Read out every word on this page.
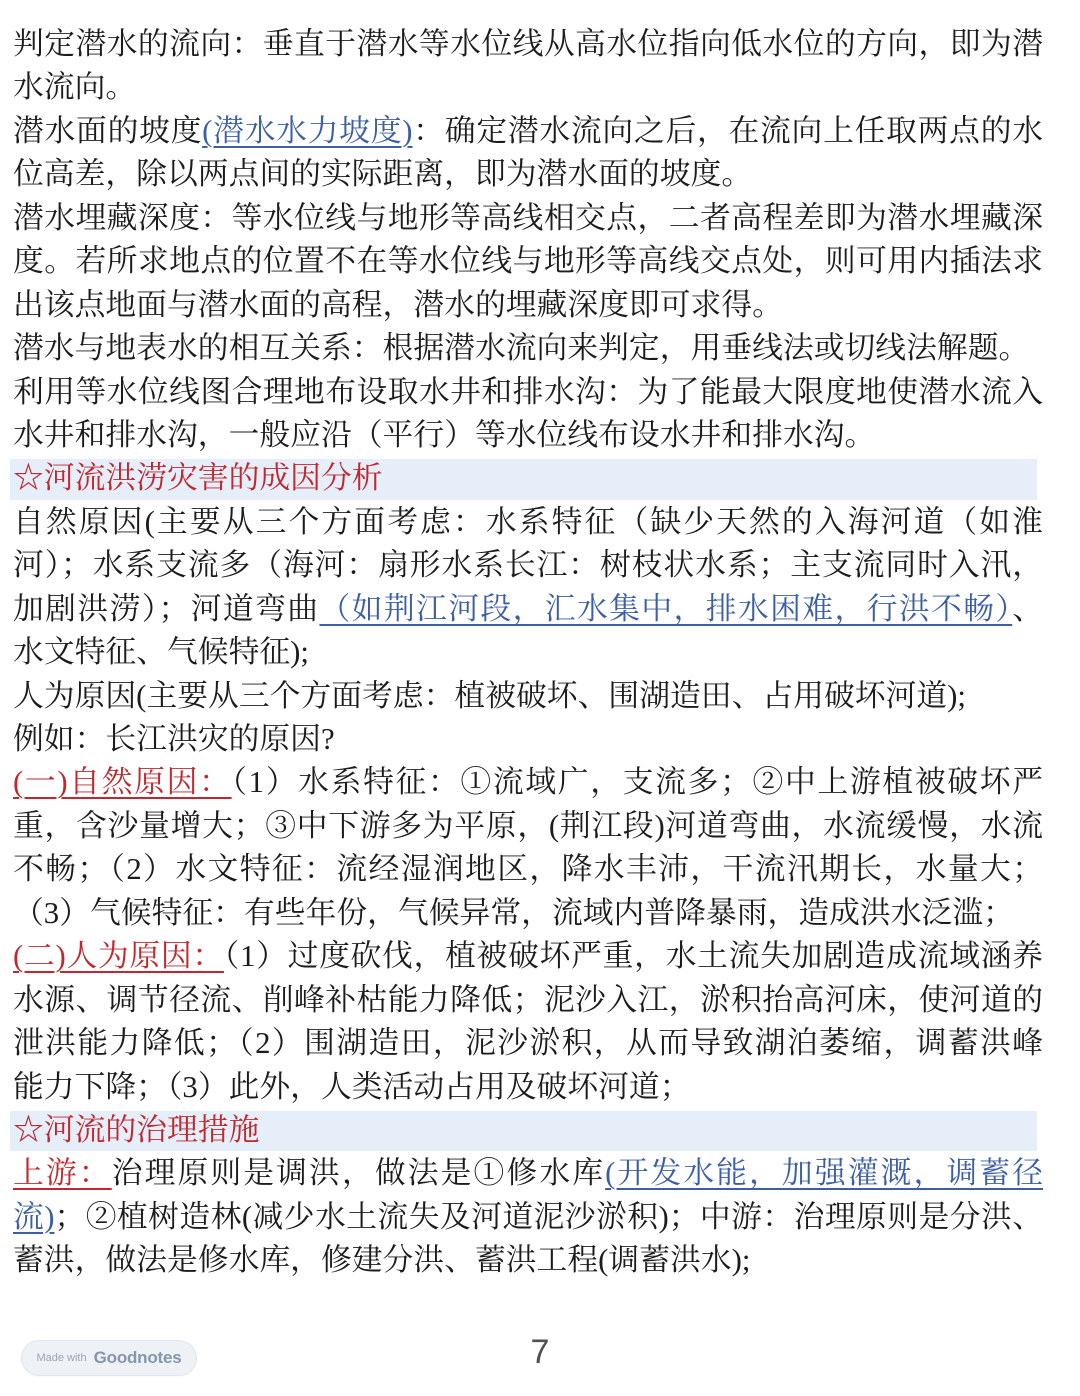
判定潜水的流向：垂直于潜水等水位线从高水位指向低水位的方向，即为潜
水流向。
潜水面的坡度(潜水水力坡度)：确定潜水流向之后，在流向上任取两点的水
位高差，除以两点间的实际距离，即为潜水面的坡度。
潜水埋藏深度：等水位线与地形等高线相交点，二者高程差即为潜水埋藏深
度。若所求地点的位置不在等水位线与地形等高线交点处，则可用内插法求
出该点地面与潜水面的高程，潜水的埋藏深度即可求得。
潜水与地表水的相互关系：根据潜水流向来判定，用垂线法或切线法解题。
利用等水位线图合理地布设取水井和排水沟：为了能最大限度地使潜水流入
水井和排水沟，一般应沿（平行）等水位线布设水井和排水沟。
☆河流洪涝灾害的成因分析
自然原因(主要从三个方面考虑：水系特征（缺少天然的入海河道（如淮
河）；水系支流多（海河：扇形水系长江：树枝状水系；主支流同时入汛，
加剧洪涝）；河道弯曲（如荆江河段，汇水集中，排水困难，行洪不畅）、
水文特征、气候特征);
人为原因(主要从三个方面考虑：植被破坏、围湖造田、占用破坏河道);
例如：长江洪灾的原因?
(一)自然原因：（1）水系特征：①流域广，支流多；②中上游植被破坏严
重，含沙量增大；③中下游多为平原，(荆江段)河道弯曲，水流缓慢，水流
不畅；（2）水文特征：流经湿润地区，降水丰沛，干流汛期长，水量大；
（3）气候特征：有些年份，气候异常，流域内普降暴雨，造成洪水泛滥；
(二)人为原因：（1）过度砍伐，植被破坏严重，水土流失加剧造成流域涵养
水源、调节径流、削峰补枯能力降低；泥沙入江，淤积抬高河床，使河道的
泄洪能力降低；（2）围湖造田，泥沙淤积，从而导致湖泊萎缩，调蓄洪峰
能力下降；（3）此外，人类活动占用及破坏河道；
☆河流的治理措施
上游：治理原则是调洪，做法是①修水库(开发水能，加强灌溉，调蓄径
流)；②植树造林(减少水土流失及河道泥沙淤积)；中游：治理原则是分洪、
蓄洪，做法是修水库，修建分洪、蓄洪工程(调蓄洪水);
7
Made with Goodnotes
